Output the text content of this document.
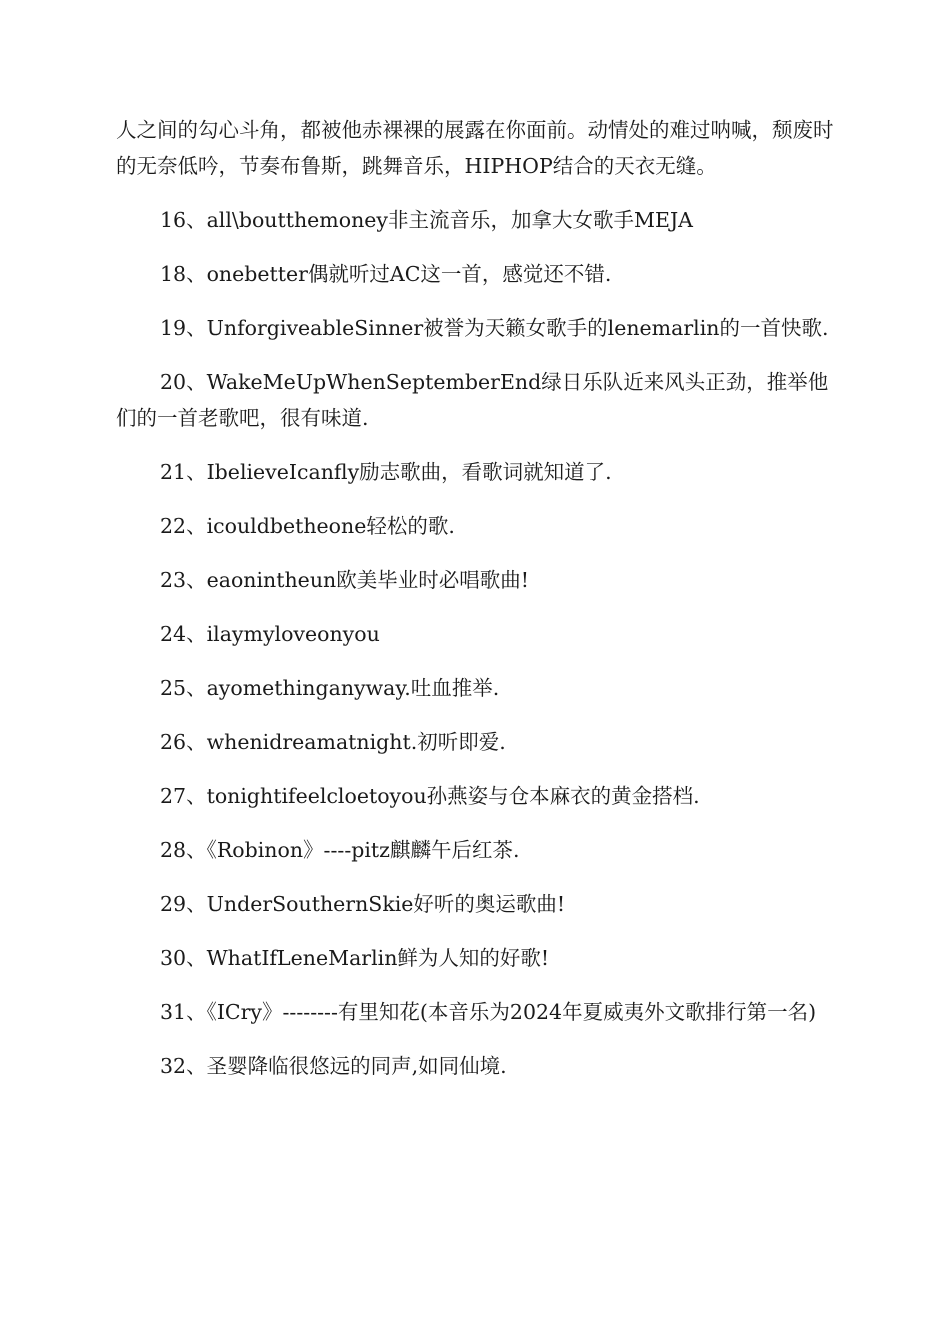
人之间的勾心斗角，都被他赤裸裸的展露在你面前。动情处的难过呐喊，颓废时的无奈低吟，节奏布鲁斯，跳舞音乐，HIPHOP结合的天衣无缝。

16、all\boutthemoney非主流音乐，加拿大女歌手MEJA

18、onebetter偶就听过AC这一首，感觉还不错.

19、UnforgiveableSinner被誉为天籁女歌手的lenemarlin的一首快歌.

20、WakeMeUpWhenSeptemberEnd绿日乐队近来风头正劲，推举他们的一首老歌吧，很有味道.

21、IbelieveIcanfly励志歌曲，看歌词就知道了.

22、icouldbetheone轻松的歌.

23、eaonintheun欧美毕业时必唱歌曲!

24、ilaymyloveonyou

25、ayomethinganyway.吐血推举.

26、whenidreamatnight.初听即爱.

27、tonightifeelcloetoyou孙燕姿与仓本麻衣的黄金搭档.

28、《Robinon》----pitz麒麟午后红茶.

29、UnderSouthernSkie好听的奥运歌曲!

30、WhatIfLeneMarlin鲜为人知的好歌!

31、《ICry》--------有里知花(本音乐为2024年夏威夷外文歌排行第一名)

32、圣婴降临很悠远的同声,如同仙境.
